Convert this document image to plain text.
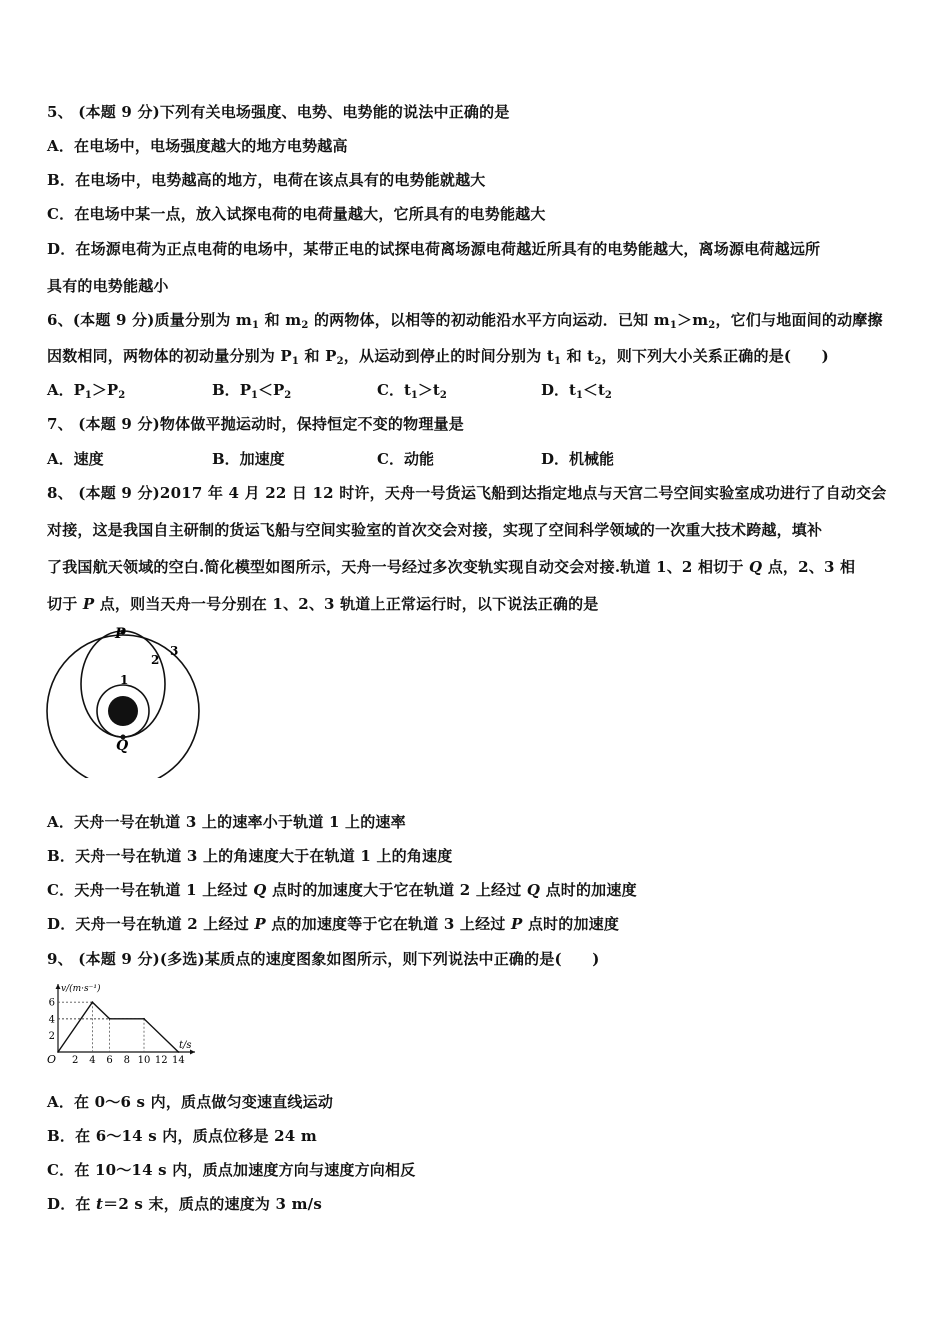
5、 (本题 9 分)下列有关电场强度、电势、电势能的说法中正确的是
A．在电场中，电场强度越大的地方电势越高
B．在电场中，电势越高的地方，电荷在该点具有的电势能就越大
C．在电场中某一点，放入试探电荷的电荷量越大，它所具有的电势能越大
D．在场源电荷为正点电荷的电场中，某带正电的试探电荷离场源电荷越近所具有的电势能越大，离场源电荷越远所
具有的电势能越小
6、(本题 9 分)质量分别为 $m_1$ 和 $m_2$ 的两物体，以相等的初动能沿水平方向运动．已知 $m_1>m_2$，它们与地面间的动摩擦
因数相同，两物体的初动量分别为 $P_1$ 和 $P_2$，从运动到停止的时间分别为 $t_1$ 和 $t_2$，则下列大小关系正确的是(　　)
A．$P_1>P_2$	B．$P_1<P_2$	C．$t_1>t_2$	D．$t_1<t_2$
7、 (本题 9 分)物体做平抛运动时，保持恒定不变的物理量是
A．速度	B．加速度	C．动能	D．机械能
8、 (本题 9 分)2017 年 4 月 22 日 12 时许，天舟一号货运飞船到达指定地点与天宫二号空间实验室成功进行了自动交会
对接，这是我国自主研制的货运飞船与空间实验室的首次交会对接，实现了空间科学领域的一次重大技术跨越，填补
了我国航天领域的空白.简化模型如图所示，天舟一号经过多次变轨实现自动交会对接.轨道 1、2 相切于 Q 点，2、3 相
切于 P 点，则当天舟一号分别在 1、2、3 轨道上正常运行时，以下说法正确的是
P
Q
1
2
3
A．天舟一号在轨道 3 上的速率小于轨道 1 上的速率
B．天舟一号在轨道 3 上的角速度大于在轨道 1 上的角速度
C．天舟一号在轨道 1 上经过 Q 点时的加速度大于它在轨道 2 上经过 Q 点时的加速度
D．天舟一号在轨道 2 上经过 P 点的加速度等于它在轨道 3 上经过 P 点时的加速度
9、 (本题 9 分)(多选)某质点的速度图象如图所示，则下列说法中正确的是(　　)
v/(m·s⁻¹)
t/s
O 2 4 6 8 10 12 14
2
4
6
A．在 0～6 s 内，质点做匀变速直线运动
B．在 6～14 s 内，质点位移是 24 m
C．在 10～14 s 内，质点加速度方向与速度方向相反
D．在 t＝2 s 末，质点的速度为 3 m/s
